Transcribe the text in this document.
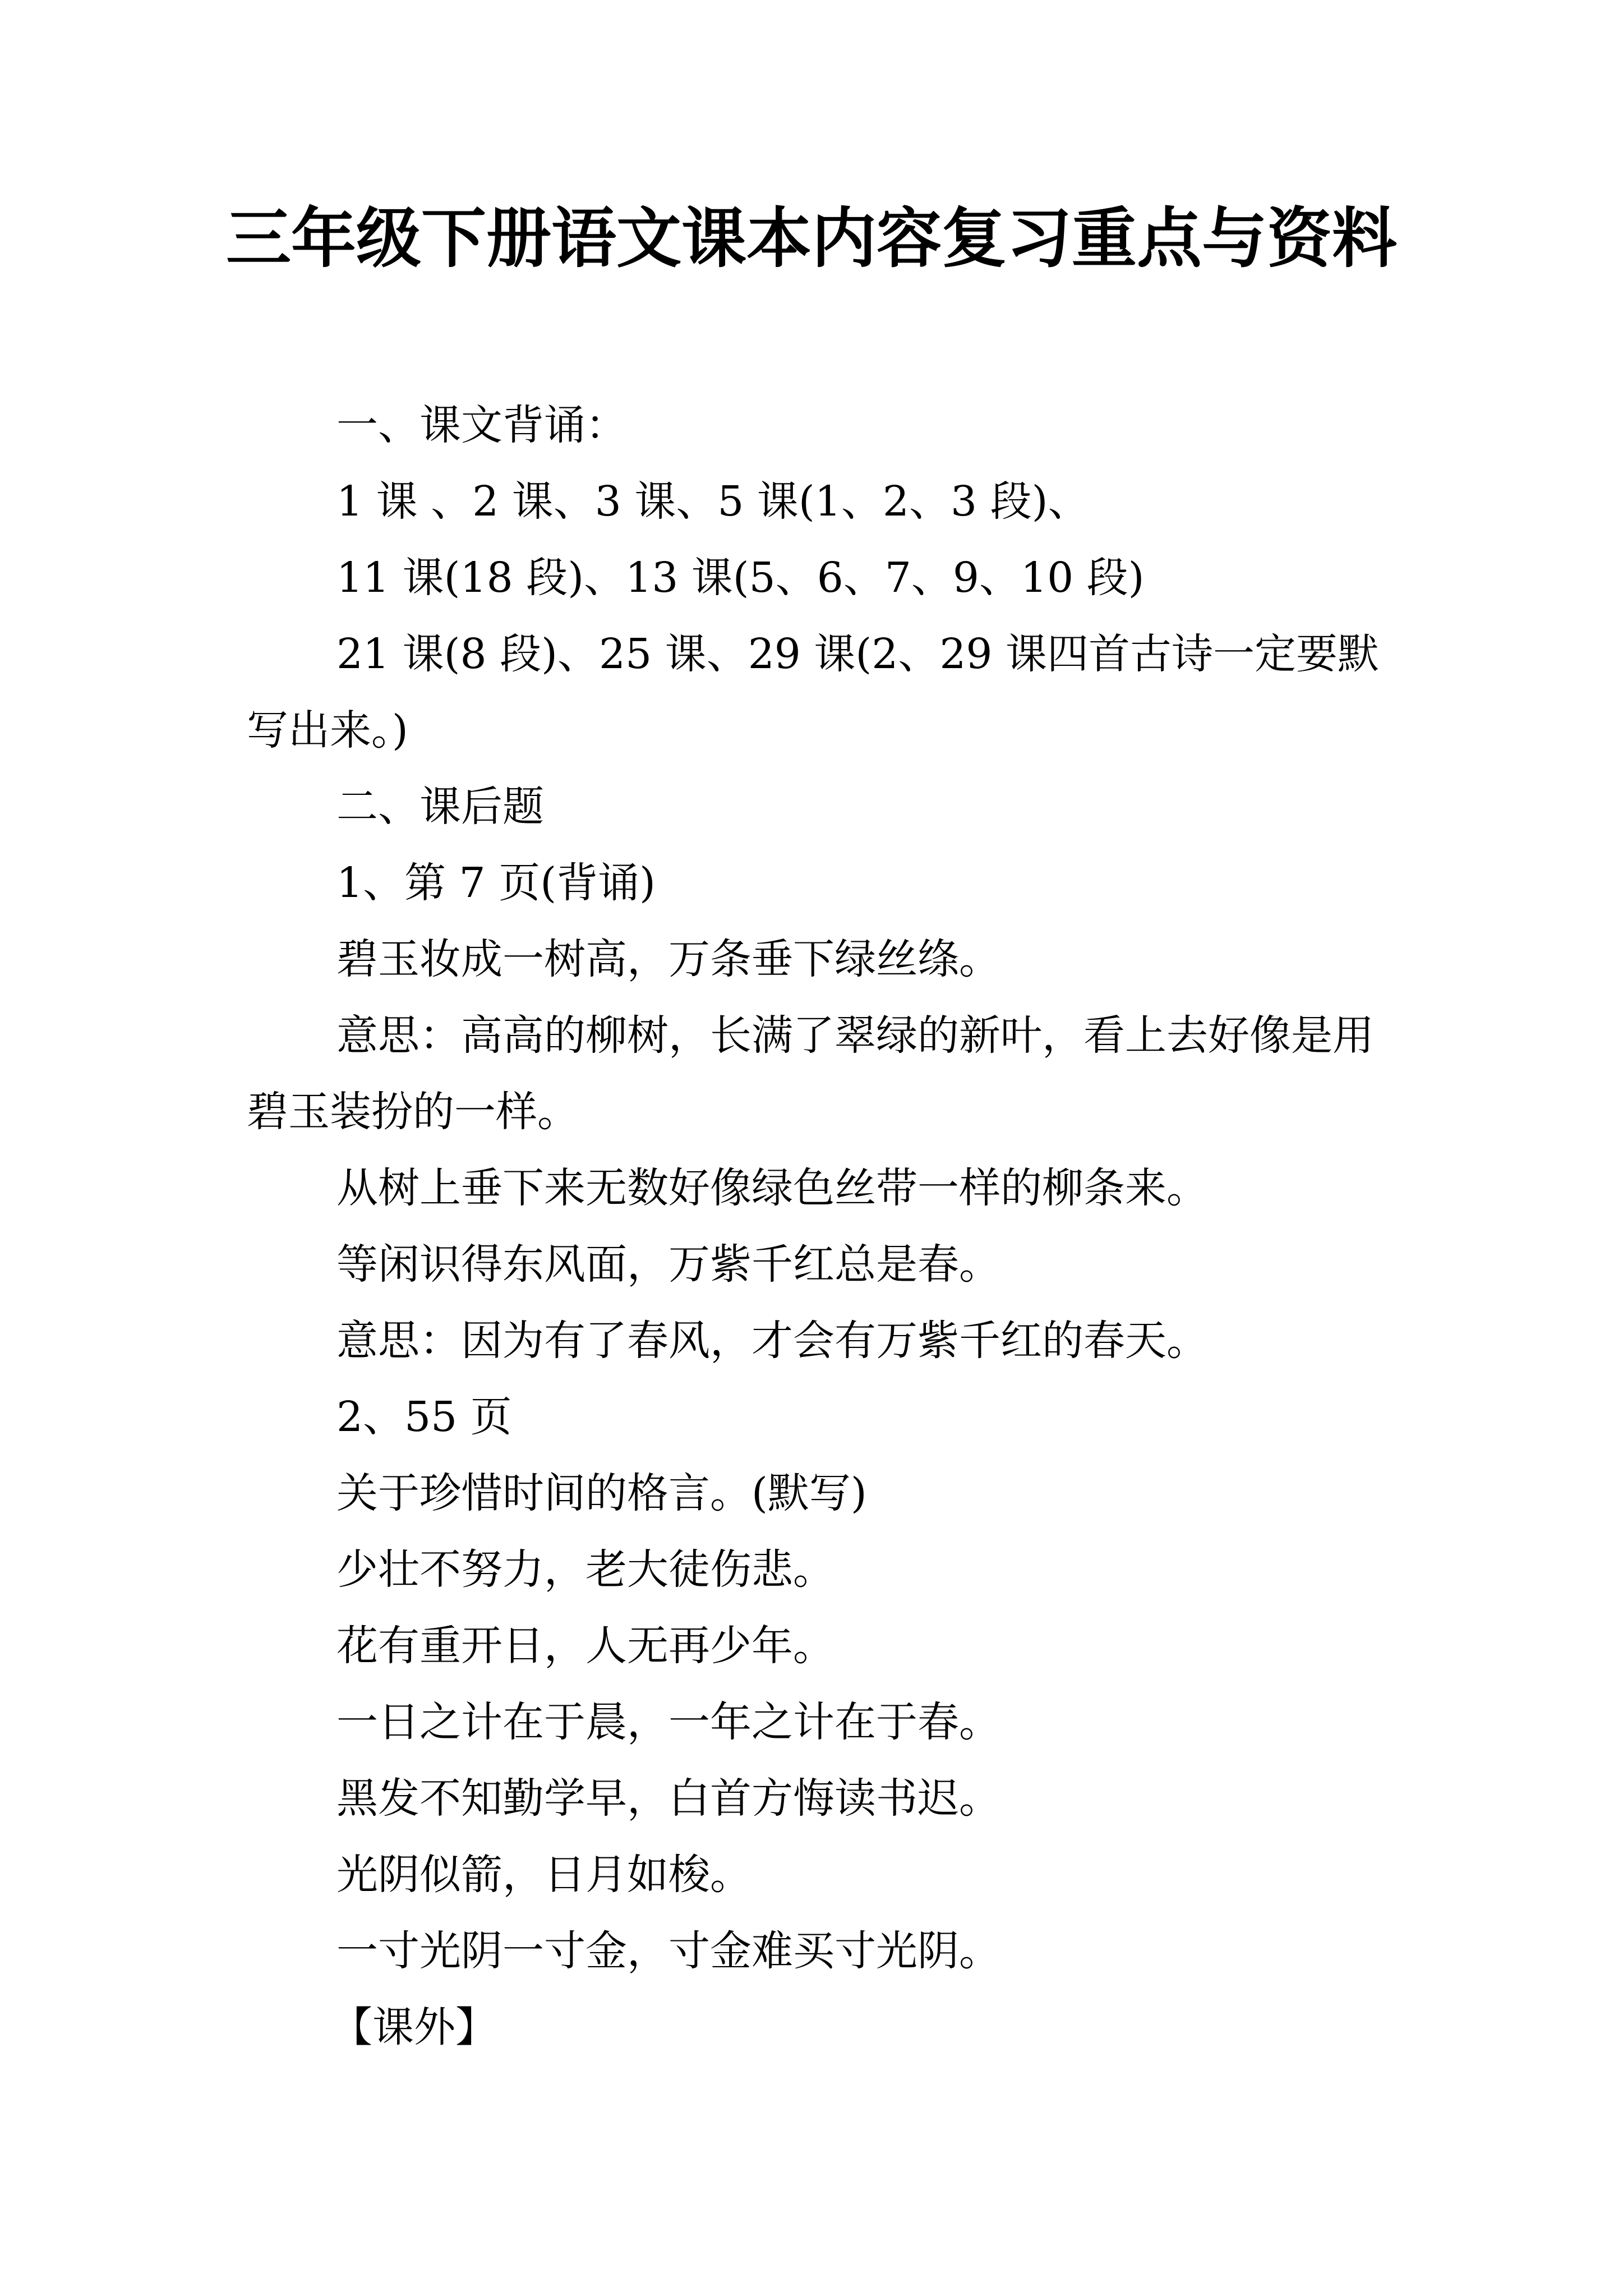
三年级下册语文课本内容复习重点与资料

一、课文背诵：

1 课 、2 课、3 课、5 课(1、2、3 段)、

11 课(18 段)、13 课(5、6、7、9、10 段)

21 课(8 段)、25 课、29 课(2、29 课四首古诗一定要默写出来。)

二、课后题

1、第 7 页(背诵)

碧玉妆成一树高，万条垂下绿丝绦。

意思：高高的柳树，长满了翠绿的新叶，看上去好像是用碧玉装扮的一样。

从树上垂下来无数好像绿色丝带一样的柳条来。

等闲识得东风面，万紫千红总是春。

意思：因为有了春风，才会有万紫千红的春天。

2、55 页

关于珍惜时间的格言。(默写)

少壮不努力，老大徒伤悲。

花有重开日，人无再少年。

一日之计在于晨，一年之计在于春。

黑发不知勤学早，白首方悔读书迟。

光阴似箭，日月如梭。

一寸光阴一寸金，寸金难买寸光阴。

【课外】
